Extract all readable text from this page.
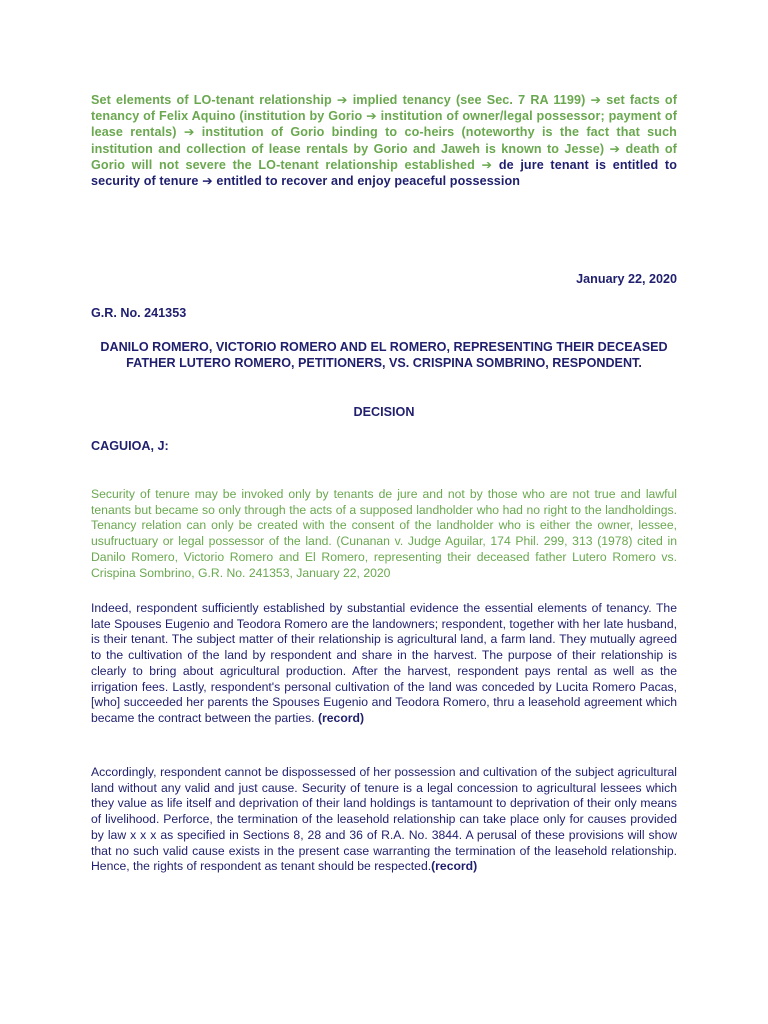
Set elements of LO-tenant relationship ➔ implied tenancy (see Sec. 7 RA 1199) ➔ set facts of tenancy of Felix Aquino (institution by Gorio ➔ institution of owner/legal possessor; payment of lease rentals) ➔ institution of Gorio binding to co-heirs (noteworthy is the fact that such institution and collection of lease rentals by Gorio and Jaweh is known to Jesse) ➔ death of Gorio will not severe the LO-tenant relationship established ➔ de jure tenant is entitled to security of tenure ➔ entitled to recover and enjoy peaceful possession
January 22, 2020
G.R. No. 241353
DANILO ROMERO, VICTORIO ROMERO AND EL ROMERO, REPRESENTING THEIR DECEASED FATHER LUTERO ROMERO, PETITIONERS, VS. CRISPINA SOMBRINO, RESPONDENT.
DECISION
CAGUIOA, J:
Security of tenure may be invoked only by tenants de jure and not by those who are not true and lawful tenants but became so only through the acts of a supposed landholder who had no right to the landholdings. Tenancy relation can only be created with the consent of the landholder who is either the owner, lessee, usufructuary or legal possessor of the land. (Cunanan v. Judge Aguilar, 174 Phil. 299, 313 (1978) cited in Danilo Romero, Victorio Romero and El Romero, representing their deceased father Lutero Romero vs. Crispina Sombrino, G.R. No. 241353, January 22, 2020
Indeed, respondent sufficiently established by substantial evidence the essential elements of tenancy. The late Spouses Eugenio and Teodora Romero are the landowners; respondent, together with her late husband, is their tenant. The subject matter of their relationship is agricultural land, a farm land. They mutually agreed to the cultivation of the land by respondent and share in the harvest. The purpose of their relationship is clearly to bring about agricultural production. After the harvest, respondent pays rental as well as the irrigation fees. Lastly, respondent's personal cultivation of the land was conceded by Lucita Romero Pacas, [who] succeeded her parents the Spouses Eugenio and Teodora Romero, thru a leasehold agreement which became the contract between the parties. (record)
Accordingly, respondent cannot be dispossessed of her possession and cultivation of the subject agricultural land without any valid and just cause. Security of tenure is a legal concession to agricultural lessees which they value as life itself and deprivation of their land holdings is tantamount to deprivation of their only means of livelihood. Perforce, the termination of the leasehold relationship can take place only for causes provided by law x x x as specified in Sections 8, 28 and 36 of R.A. No. 3844. A perusal of these provisions will show that no such valid cause exists in the present case warranting the termination of the leasehold relationship. Hence, the rights of respondent as tenant should be respected.(record)
